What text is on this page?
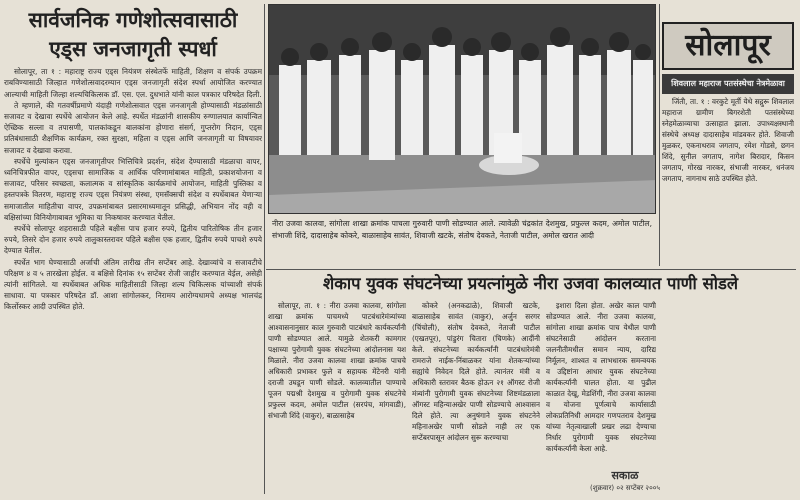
सार्वजनिक गणेशोत्सवासाठी
एड्स जनजागृती स्पर्धा

सोलापूर, ता १ : महाराष्ट्र राज्य एड्स नियंत्रण संस्थेतर्फे माहिती, शिक्षण व संपर्क उपक्रम राबविण्यासाठी जिल्हात गणेशोत्सवादरम्यान एड्स जनजागृती संदेश स्पर्धा आयोजित करण्यात आल्याची माहिती जिल्हा शल्यचिकित्सक डॉ. एस. एल. दुधभाते यांनी काल पत्रकार परिषदेत दिली.

ते म्हणाले, की गतवर्षीप्रमाणे यंदाही गणेशोत्सवात एड्स जनजागृती होण्यासाठी मंडळांसाठी सजावट व देखावा स्पर्धेचे आयोजन केले आहे. स्पर्धेत मंडळांनी शासकीय रुग्णालयात कार्यान्वित ऐच्छिक सल्ला व तपासणी, पालकांकडून बालकांना होणारा संसर्ग, गुप्तरोग निदान, एड्स प्रतिबंधासाठी शैक्षणिक कार्यक्रम, रक्त सुरक्षा, महिला व एड्स आणि जनजागृती या विषयावर सजावट व देखावा करावा.

स्पर्धेचे मुल्यांकन एड्स जनजागृतीपर भित्तिचित्रे प्रदर्शन, संदेश देण्यासाठी मंडळाचा वापर, ध्वनिचित्रफीत वापर, एड्सचा सामाजिक व आर्थिक परिणामांबाबत माहिती, प्रकाशयोजना व सजावट, परिसर स्वच्छता, कलात्मक व सांस्कृतिक कार्यक्रमांचे आयोजन, माहिती पुस्तिका व हस्तपत्रके वितरण, महाराष्ट्र राज्य एड्स नियंत्रण संस्था, एमसॅक्सची संदेश व स्पर्धेबाबत येणाऱ्या समाजातील माहितीचा वापर, उपक्रमांबाबत प्रसारमाध्यमातून प्रसिद्धी, अभियान नोंद वही व बक्षिसांच्या विनियोगाबाबत भूमिका या निकषावर करण्यात येतील.

स्पर्धेचे सोलापूर शहरासाठी पहिले बक्षीस पाच हजार रुपये, द्वितीय पारितोषिक तीन हजार रुपये, तिसरे दोन हजार रुपये तालुकास्तरावर पहिले बक्षीस एक हजार, द्वितीय रुपये पाचशे रुपये देण्यात येतील.

स्पर्धेत भाग घेण्यासाठी अर्जाची अंतिम तारीख तीन सप्टेंबर आहे. देखाव्यांचे व सजावटीचे परिक्षण ४ व ५ तारखेला होईल. व बक्षिसे दिनांक १५ सप्टेंबर रोजी जाहीर करण्यात येईल, असेही त्यांनी सांगितले. या स्पर्धेबाबत अधिक माहितीसाठी जिल्हा शल्य चिकित्सक यांच्याशी संपर्क साधावा. या पत्रकार परिषदेत डॉ. आशा सांगोलकर, निरामय आरोग्यधामचे अध्यक्ष भालचंद्र किर्लोस्कर आदी उपस्थित होते.

नीरा उजवा कालवा, सांगोला शाखा क्रमांक पाचला गुरुवारी पाणी सोडण्यात आले. त्यावेळी चंद्रकांत देशमुख, प्रफुल्ल कदम, अमोल पाटील, संभाजी शिंदे, दादासाहेब कोकरे, बाळासाहेब सावंत, शिवाजी खटके, संतोष देवकते, नेताजी पाटील, अमोल खरात आदी
शेकाप युवक संघटनेच्या प्रयत्नांमुळे नीरा उजवा कालव्यात पाणी सोडले

सोलापूर, ता. १ : नीरा उजवा कालवा, सांगोला शाखा क्रमांक पाचमध्ये पाटबंधारेमंत्र्यांच्या आश्वासनानुसार काल गुरुवारी पाटबंधारे कार्यकर्त्यांनी पाणी सोडण्यात आले. यामुळे शेतकरी कामगार पक्षाच्या पुरोगामी युवक संघटनेच्या आंदोलनास यश मिळाले. नीरा उजवा कालवा शाखा क्रमांक पाचचे अधिकारी प्रभाकर फुले व सहायक मेंटेनरी यांनी दराजी उघडून पाणी सोडले. कालव्यातील पाण्याचे पूजन पद्मश्री देशमुख व पुरोगामी युवक संघटनेचे प्रफुल्ल कदम, अमोल पाटील (सरपंच, मांगवाडी), संभाजी शिंदे (वाकुर), बाळासाहेब

कोकरे (अनकढाळे), शिवाजी खटके, बाळासाहेब सावंत (वाकुर), अर्जुन सरगर (चिंचोली), संतोष देवकते, नेताजी पाटील (एखतपूर), पांडुरंग चितारा (चिणके) आदींनी केले. संघटनेच्या कार्यकर्त्यांनी पाटबंधारेमंत्री रामराजे नाईक-निंबाळकर यांना शेतकऱ्यांच्या सह्यांचे निवेदन दिले होते. त्यानंतर मंत्री व अधिकारी स्तरावर बैठक होऊन २१ ऑगस्ट रोजी मंत्र्यांनी पुरोगामी युवक संघटनेच्या शिष्टमंडळाला ऑगस्ट महिन्याअखेर पाणी सोडण्याचे आश्वासन दिले होते. त्या अनुषंगाने युवक संघटनेने महिनाअखेर पाणी सोडले नाही तर एक सप्टेंबरपासून आंदोलन सुरू करण्याचा

इशारा दिला होता. अखेर काल पाणी सोडण्यात आले. नीरा उजवा कालवा, सांगोला शाखा क्रमांक पाच येथील पाणी संघटनेसाठी आंदोलन करताना जलनीतीमधील समान न्याय, दारिद्य निर्मूलन, शाश्वत व लाभधारक समन्वयक व उद्दिष्टांना आधार युवक संघटनेच्या कार्यकर्त्यांनी घालत होता. या पुढील काळात देखू, मेडशिंगी, नीरा उजवा कालवा व योजना पूर्णत्वाचे कार्यासाठी लोकप्रतिनिधी आमदार गणपतराव देशमुख यांच्या नेतृत्वाखाली प्रखर लढा देण्याचा निर्धार पुरोगामी युवक संघटनेच्या कार्यकर्त्यांनी केला आहे.

सोलापूर
शिवलाल महाराज पतसंस्थेचा नेत्रमेळावा

जिंती, ता. १ : वरकुटे मूर्ती येथे सद्गुरू शिवलाल महाराज ग्रामीण बिगरशेती पतसंस्थेच्या स्नेहमेळाव्याचा उत्साहात झाला. उपाध्यक्षस्थानी संस्थेचे अध्यक्ष दादासाहेब मांडवकर होते. शिवाजी मुळकर, एकनाथराव जगताप, रमेश गोडसे, छगन शिंदे, सुनील जगताप, नागेश बिरादार, किसन जगताप, गोरख नारकर, संभाजी नारकर, धनंजय जगताप, नागनाथ साठे उपस्थित होते.

सकाळ
(शुक्रवार) ०२ सप्टेंबर २००५
